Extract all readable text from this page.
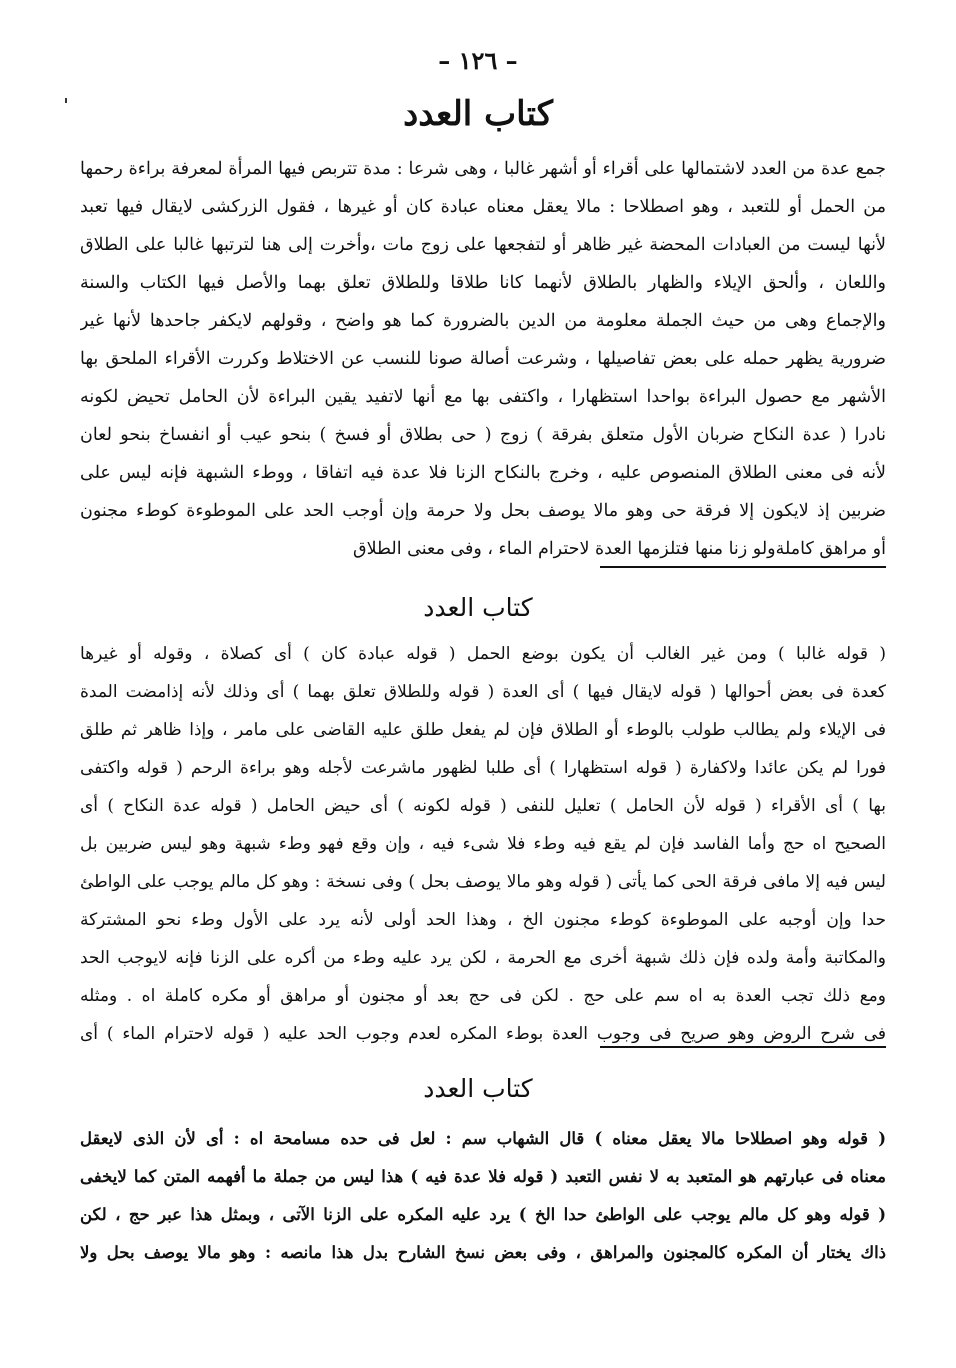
– ١٢٦ –
كتاب العدد
جمع عدة من العدد لاشتمالها على أقراء أو أشهر غالبا ، وهى شرعا : مدة تتربص فيها المرأة لمعرفة براءة رحمها
من الحمل أو للتعبد ، وهو اصطلاحا : مالا يعقل معناه عبادة كان أو غيرها ، فقول الزركشى لايقال فيها تعبد
لأنها ليست من العبادات المحضة غير ظاهر أو لتفجعها على زوج مات ،وأخرت إلى هنا لترتبها غالبا على الطلاق
واللعان ، وألحق الإيلاء والظهار بالطلاق لأنهما كانا طلاقا وللطلاق تعلق بهما والأصل فيها الكتاب والسنة
والإجماع وهى من حيث الجملة معلومة من الدين بالضرورة كما هو واضح ، وقولهم لايكفر جاحدها لأنها غير
ضرورية يظهر حمله على بعض تفاصيلها ، وشرعت أصالة صونا للنسب عن الاختلاط وكررت الأقراء الملحق بها
الأشهر مع حصول البراءة بواحدا استظهارا ، واكتفى بها مع أنها لاتفيد يقين البراءة لأن الحامل تحيض لكونه
نادرا ( عدة النكاح ضربان الأول متعلق بفرقة ) زوج ( حى بطلاق أو فسخ ) بنحو عيب أو انفساخ بنحو لعان
لأنه فى معنى الطلاق المنصوص عليه ، وخرج بالنكاح الزنا فلا عدة فيه اتفاقا ، ووطء الشبهة فإنه ليس على
ضربين إذ لايكون إلا فرقة حى وهو مالا يوصف بحل ولا حرمة وإن أوجب الحد على الموطوءة كوطء مجنون
أو مراهق كاملةولو زنا منها فتلزمها العدة لاحترام الماء ، وفى معنى الطلاق
كتاب العدد
( قوله غالبا ) ومن غير الغالب أن يكون بوضع الحمل ( قوله عبادة كان ) أى كصلاة ، وقوله أو غيرها
كعدة فى بعض أحوالها ( قوله لايقال فيها ) أى العدة ( قوله وللطلاق تعلق بهما ) أى وذلك لأنه إذامضت المدة
فى الإيلاء ولم يطالب طولب بالوطء أو الطلاق فإن لم يفعل طلق عليه القاضى على مامر ، وإذا ظاهر ثم طلق
فورا لم يكن عائدا ولاكفارة ( قوله استظهارا ) أى طلبا لظهور ماشرعت لأجله وهو براءة الرحم ( قوله واكتفى
بها ) أى الأقراء ( قوله لأن الحامل ) تعليل للنفى ( قوله لكونه ) أى حيض الحامل ( قوله عدة النكاح ) أى
الصحيح اه حج وأما الفاسد فإن لم يقع فيه وطء فلا شىء فيه ، وإن وقع فهو وطء شبهة وهو ليس ضربين بل
ليس فيه إلا مافى فرقة الحى كما يأتى ( قوله وهو مالا يوصف بحل ) وفى نسخة : وهو كل مالم يوجب على الواطئ
حدا وإن أوجبه على الموطوءة كوطء مجنون الخ ، وهذا الحد أولى لأنه يرد على الأول وطء نحو المشتركة
والمكاتبة وأمة ولده فإن ذلك شبهة أخرى مع الحرمة ، لكن يرد عليه وطء من أكره على الزنا فإنه لايوجب الحد
ومع ذلك تجب العدة به اه سم على حج . لكن فى حج بعد أو مجنون أو مراهق أو مكره كاملة اه . ومثله
فى شرح الروض وهو صريح فى وجوب العدة بوطء المكره لعدم وجوب الحد عليه ( قوله لاحترام الماء ) أى
كتاب العدد
( قوله وهو اصطلاحا مالا يعقل معناه ) قال الشهاب سم : لعل فى حده مسامحة اه : أى لأن الذى لايعقل
معناه فى عبارتهم هو المتعبد به لا نفس التعبد ( قوله فلا عدة فيه ) هذا ليس من جملة ما أفهمه المتن كما لايخفى
( قوله وهو كل مالم يوجب على الواطئ حدا الخ ) يرد عليه المكره على الزنا الآتى ، وبمثل هذا عبر حج ، لكن
ذاك يختار أن المكره كالمجنون والمراهق ، وفى بعض نسخ الشارح بدل هذا مانصه : وهو مالا يوصف بحل ولا
